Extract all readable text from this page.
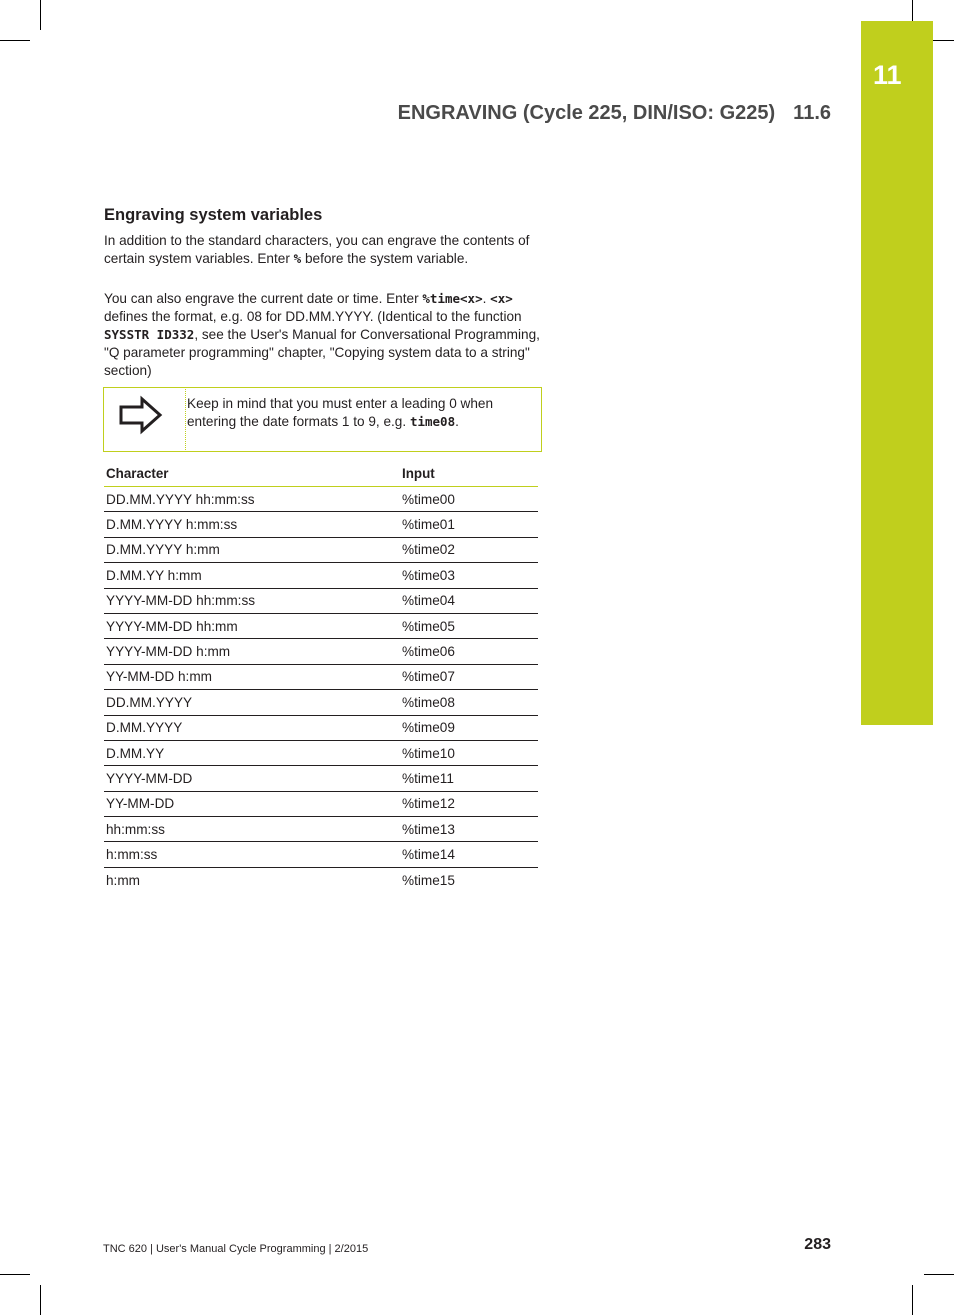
11
ENGRAVING (Cycle 225, DIN/ISO: G225) 11.6
Engraving system variables
In addition to the standard characters, you can engrave the contents of certain system variables. Enter % before the system variable.
You can also engrave the current date or time. Enter %time<x>. <x> defines the format, e.g. 08 for DD.MM.YYYY. (Identical to the function SYSSTR ID332, see the User's Manual for Conversational Programming, "Q parameter programming" chapter, "Copying system data to a string" section)
Keep in mind that you must enter a leading 0 when entering the date formats 1 to 9, e.g. time08.
Character	Input
DD.MM.YYYY hh:mm:ss	%time00
D.MM.YYYY h:mm:ss	%time01
D.MM.YYYY h:mm	%time02
D.MM.YY h:mm	%time03
YYYY-MM-DD hh:mm:ss	%time04
YYYY-MM-DD hh:mm	%time05
YYYY-MM-DD h:mm	%time06
YY-MM-DD h:mm	%time07
DD.MM.YYYY	%time08
D.MM.YYYY	%time09
D.MM.YY	%time10
YYYY-MM-DD	%time11
YY-MM-DD	%time12
hh:mm:ss	%time13
h:mm:ss	%time14
h:mm	%time15
TNC 620 | User's Manual Cycle Programming | 2/2015	283
